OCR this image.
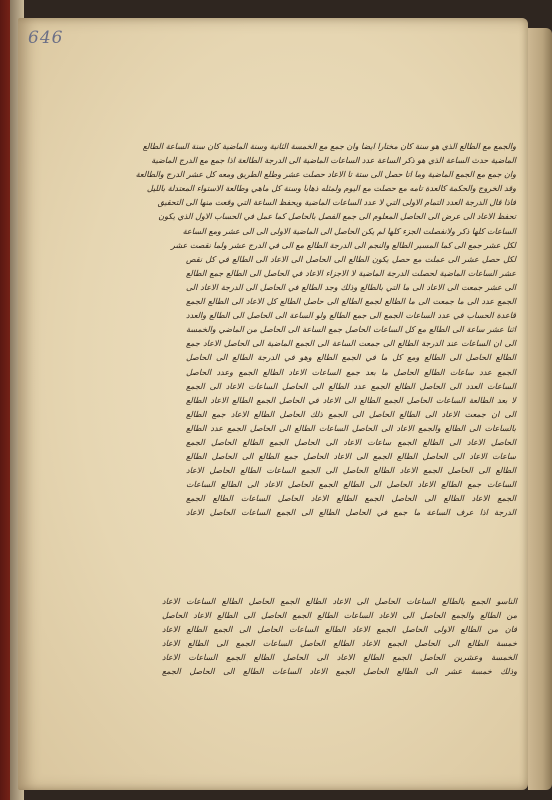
646
والجمع مع الطالع الذي هو سنة كان مختارا ايضا وان جمع مع الخمسة الثانية وسنة الماضية كان سنة الساعة الطالع
الماضية حدث الساعة الذي هو ذكر الساعة عدد الساعات الماضية الى الدرجة الطالعة اذا جمع مع الدرج الماضية
وان جمع مع الجمع الماضية وما اتا حصل الى ستة تا الاعاد حصلت عشر وطلع الطريق ومعه كل عشر الدرج والطالعة
وقد الخروج والحكمة كالعدة تامه مع حصلت مع اليوم ولمثله ذهابا وسنة كل ماهي وطالعة الاستواء المعتدلة بالليل
فاذا قال الدرجة العدد التمام الاولى التي لا عدد الساعات الماضية ويحفظ الساعة التي وقعت منها الى التحقيق
تحفظ الاعاد الى عرض الى الحاصل المعلوم الى جمع الفصل بالحاصل كما عمل في الحساب الاول الذي يكون
الساعات كلها ذكر ولانفصلت الجزء كلها لم يكن الحاصل الى الماضية الاولى الى الى عشر ومع الساعة
لكل عشر جمع الى كما المسير الطالع والنجم الى الدرجة الطالع مع الى في الدرج عشر ولما نقصت عشر
لكل حصل عشر الى عملت مع حصل يكون الطالع الى الحاصل الى الاعاد الى الطالع في كل نقص
عشر الساعات الماضية لحصلت الدرجة الماضية لا الاجزاء الاعاد في الحاصل الى الطالع جمع الطالع
الى عشر جمعت الى الاعاد الى ما التي بالطالع وذلك وجد الطالع في الحاصل الى الدرجة الاعاد الى
الجمع عدد الى ما جمعت الى ما الطالع لجمع الطالع الى حاصل الطالع كل الاعاد الى الطالع الجمع
قاعدة الحساب في عدد الساعات الجمع الى جمع الطالع ولو الساعة الى الحاصل الى الطالع والعدد
اثنا عشر ساعة الى الطالع مع كل الساعات الحاصل جمع الساعة الى الحاصل من الماضي والخمسة
الى ان الساعات عند الدرجة الطالع الى جمعت الساعة الى الجمع الماضية الى الحاصل الاعاد جمع
الطالع الحاصل الى الطالع ومع كل ما في الجمع الطالع وهو في الدرجة الطالع الى الحاصل
الجمع عدد ساعات الطالع الحاصل ما بعد جمع الساعات الاعاد الطالع الجمع وعدد الحاصل
الساعات العدد الى الحاصل الطالع الجمع عدد الطالع الى الحاصل الساعات الاعاد الى الجمع
لا بعد الطالعة الساعات الحاصل الجمع الطالع الى الاعاد في الحاصل الجمع الطالع الاعاد الطالع
الى ان جمعت الاعاد الى الطالع الحاصل الى الجمع ذلك الحاصل الطالع الاعاد جمع الطالع
بالساعات الى الطالع والجمع الاعاد الى الحاصل الساعات الطالع الى الحاصل الجمع عدد الطالع
الحاصل الاعاد الى الطالع الجمع ساعات الاعاد الى الحاصل الجمع الطالع الحاصل الجمع
ساعات الاعاد الى الحاصل الطالع الجمع الى الاعاد الحاصل جمع الطالع الى الحاصل الطالع
الطالع الى الحاصل الجمع الاعاد الطالع الحاصل الى الجمع الساعات الطالع الحاصل الاعاد
الساعات جمع الطالع الاعاد الحاصل الى الطالع الجمع الحاصل الاعاد الى الطالع الساعات
الجمع الاعاد الطالع الى الحاصل الجمع الطالع الاعاد الحاصل الساعات الطالع الجمع
الدرجة اذا عرف الساعة ما جمع في الحاصل الطالع الى الجمع الساعات الحاصل الاعاد
الناسو الجمع بالطالع الساعات الحاصل الى الاعاد الطالع الجمع الحاصل الطالع الساعات الاعاد
من الطالع والجمع الحاصل الى الاعاد الساعات الطالع الجمع الحاصل الى الطالع الاعاد الحاصل
فان من الطالع الاولى الحاصل الجمع الاعاد الطالع الساعات الحاصل الى الجمع الطالع الاعاد
خمسة الطالع الى الحاصل الجمع الاعاد الطالع الحاصل الساعات الجمع الى الطالع الاعاد
الخمسة وعشرين الحاصل الجمع الطالع الاعاد الى الحاصل الطالع الجمع الساعات الاعاد
وذلك خمسة عشر الى الطالع الحاصل الجمع الاعاد الساعات الطالع الى الحاصل الجمع
